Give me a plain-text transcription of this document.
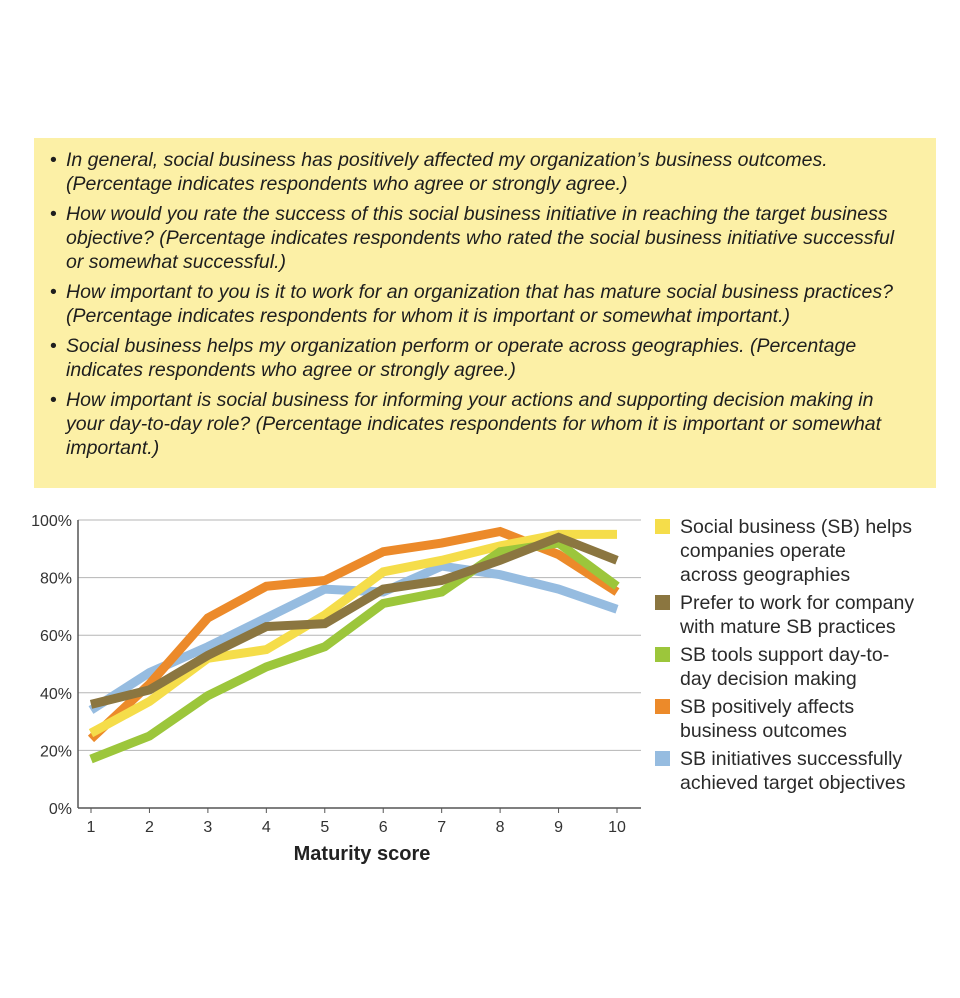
• In general, social business has positively affected my organization’s business outcomes. (Percentage indicates respondents who agree or strongly agree.)
• How would you rate the success of this social business initiative in reaching the target business objective? (Percentage indicates respondents who rated the social business initiative successful or somewhat successful.)
• How important to you is it to work for an organization that has mature social business practices? (Percentage indicates respondents for whom it is important or somewhat important.)
• Social business helps my organization perform or operate across geographies. (Percentage indicates respondents who agree or strongly agree.)
• How important is social business for informing your actions and supporting decision making in your day-to-day role? (Percentage indicates respondents for whom it is important or somewhat important.)
0%
20%
40%
60%
80%
100%
1	2	3	4	5	6	7	8	9	10
Maturity score
Social business (SB) helps
companies operate
across geographies
Prefer to work for company
with mature SB practices
SB tools support day-to-
day decision making
SB positively affects
business outcomes
SB initiatives successfully
achieved target objectives
